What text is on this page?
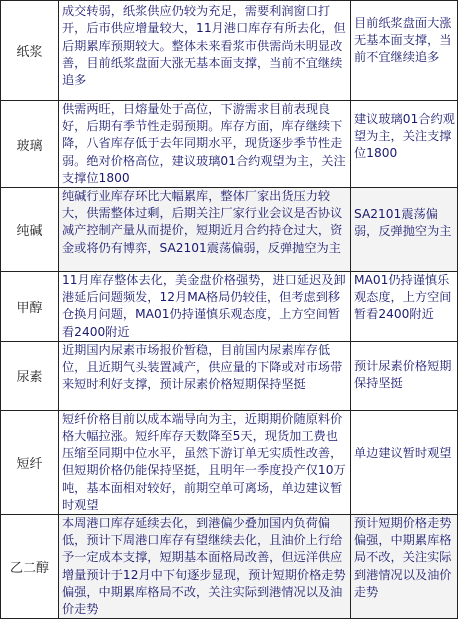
纸浆	成交转弱，纸浆供应仍较为充足，需要利润窗口打开，后市供应增量较大，11月港口库存有所去化，但后期累库预期较大。整体未来看浆市供需尚未明显改善，目前纸浆盘面大涨无基本面支撑，当前不宜继续追多	目前纸浆盘面大涨无基本面支撑，当前不宜继续追多

玻璃	供需两旺，日熔量处于高位，下游需求目前表现良好，后期有季节性走弱预期。库存方面，库存继续下降，八省库存低于去年同期水平，现货逐步季节性走弱。绝对价格高位，建议玻璃01合约观望为主，关注支撑位1800	建议玻璃01合约观望为主，关注支撑位1800

纯碱	纯碱行业库存环比大幅累库，整体厂家出货压力较大，供需整体过剩，后期关注厂家行业会议是否协议减产控制产量从而提价，短期近月合约持仓过大，资金或将仍有博弈，SA2101震荡偏弱，反弹抛空为主	SA2101震荡偏弱，反弹抛空为主

甲醇	11月库存整体去化，美金盘价格强势，进口延迟及卸港延后问题频发，12月MA格局仍较佳，但考虑到移仓换月问题，MA01仍持谨慎乐观态度，上方空间暂看2400附近	MA01仍持谨慎乐观态度，上方空间暂看2400附近

尿素	近期国内尿素市场报价暂稳，目前国内尿素库存低位，且近期气头装置减产，供应量的下降或对市场带来短时利好支撑，预计尿素价格短期保持坚挺	预计尿素价格短期保持坚挺

短纤	短纤价格目前以成本端导向为主，近期期价随原料价格大幅拉涨。短纤库存天数降至5天，现货加工费也压缩至同期中位水平，虽然下游订单无实质性改善，但短期价格仍能保持坚挺，且明年一季度投产仅10万吨，基本面相对较好，前期空单可离场，单边建议暂时观望	单边建议暂时观望

乙二醇	本周港口库存延续去化，到港偏少叠加国内负荷偏低，预计下周港口库存有望继续去化，且油价上行给予一定成本支撑，短期基本面格局改善，但远洋供应增量预计于12月中下旬逐步显现，预计短期价格走势偏强，中期累库格局不改，关注实际到港情况以及油价走势	预计短期价格走势偏强，中期累库格局不改，关注实际到港情况以及油价走势
